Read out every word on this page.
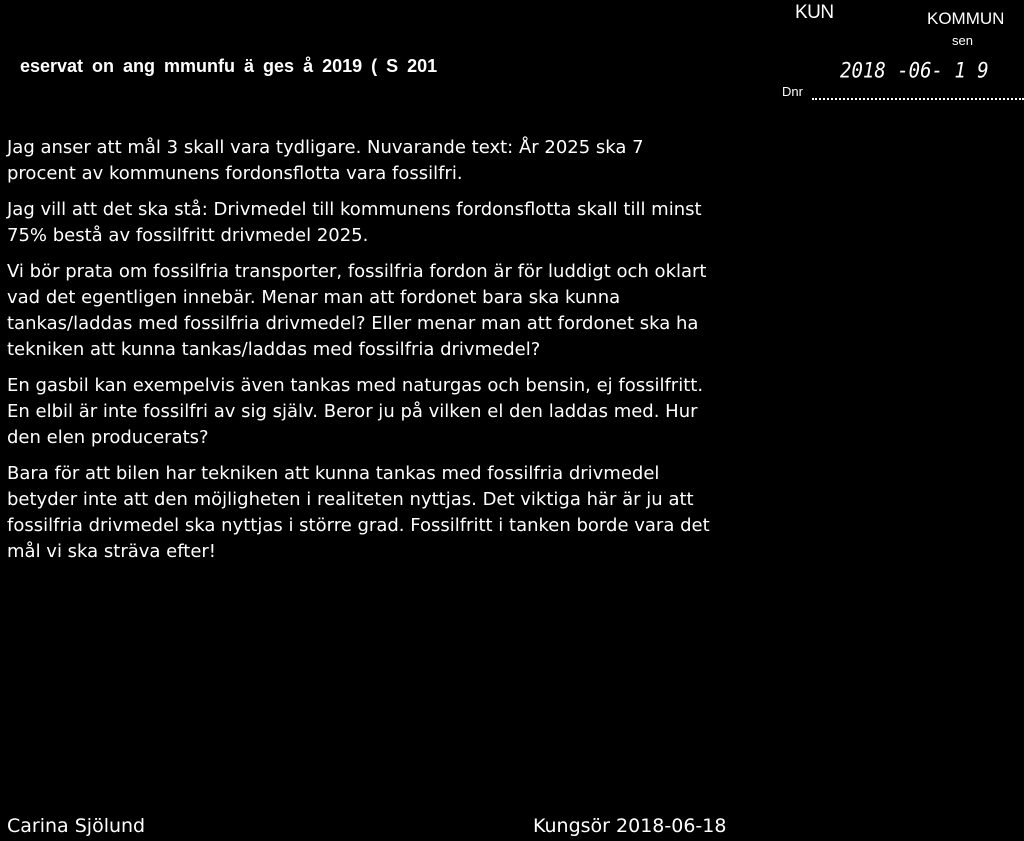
KUN	KOMMUN
sen
2018 -06- 1 9
Dnr
eservat on ang mmunfu ä ges å 2019 ( S 201
Jag anser att mål 3 skall vara tydligare. Nuvarande text: År 2025 ska 7
procent av kommunens fordonsflotta vara fossilfri.
Jag vill att det ska stå: Drivmedel till kommunens fordonsflotta skall till minst
75% bestå av fossilfritt drivmedel 2025.
Vi bör prata om fossilfria transporter, fossilfria fordon är för luddigt och oklart
vad det egentligen innebär. Menar man att fordonet bara ska kunna
tankas/laddas med fossilfria drivmedel? Eller menar man att fordonet ska ha
tekniken att kunna tankas/laddas med fossilfria drivmedel?
En gasbil kan exempelvis även tankas med naturgas och bensin, ej fossilfritt.
En elbil är inte fossilfri av sig själv. Beror ju på vilken el den laddas med. Hur
den elen producerats?
Bara för att bilen har tekniken att kunna tankas med fossilfria drivmedel
betyder inte att den möjligheten i realiteten nyttjas. Det viktiga här är ju att
fossilfria drivmedel ska nyttjas i större grad. Fossilfritt i tanken borde vara det
mål vi ska sträva efter!
Carina Sjölund	Kungsör 2018-06-18
